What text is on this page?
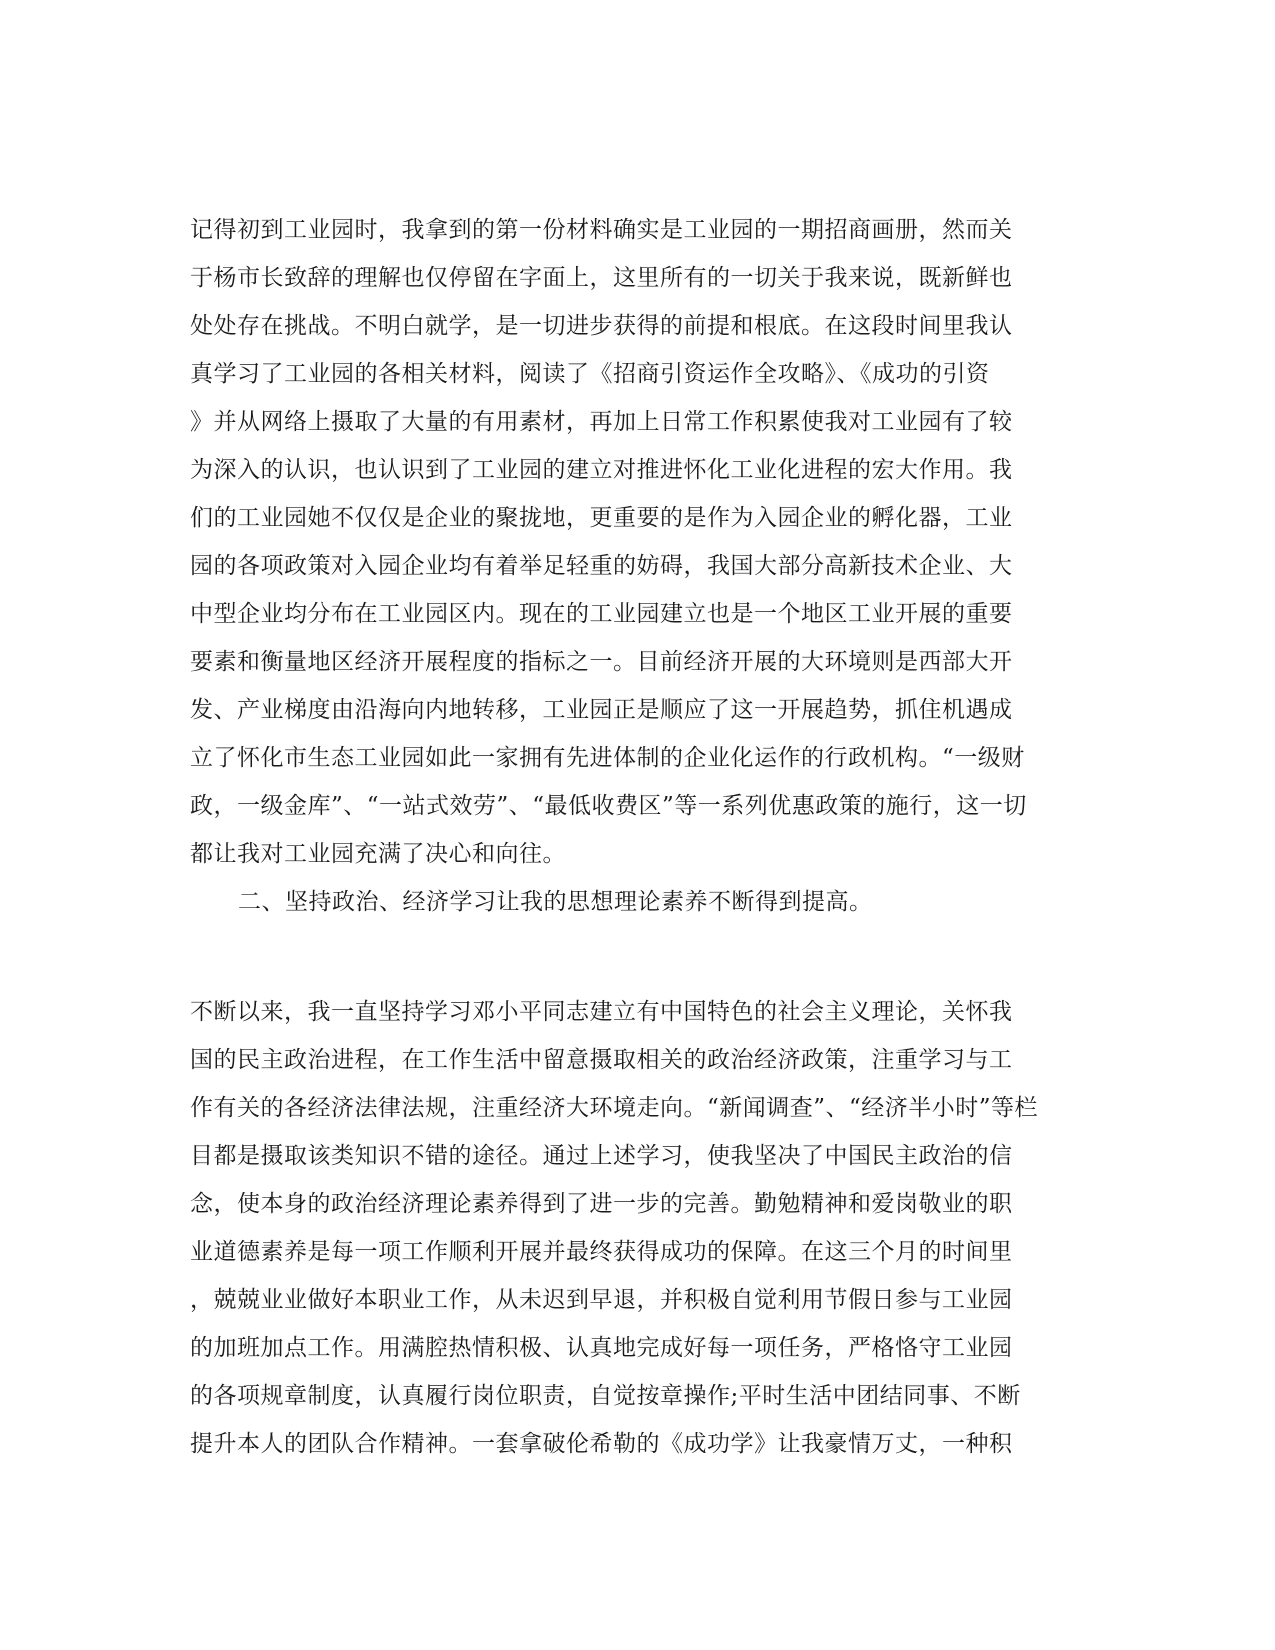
记得初到工业园时，我拿到的第一份材料确实是工业园的一期招商画册，然而关
于杨市长致辞的理解也仅停留在字面上，这里所有的一切关于我来说，既新鲜也
处处存在挑战。不明白就学，是一切进步获得的前提和根底。在这段时间里我认
真学习了工业园的各相关材料，阅读了《招商引资运作全攻略》、《成功的引资
》并从网络上摄取了大量的有用素材，再加上日常工作积累使我对工业园有了较
为深入的认识，也认识到了工业园的建立对推进怀化工业化进程的宏大作用。我
们的工业园她不仅仅是企业的聚拢地，更重要的是作为入园企业的孵化器，工业
园的各项政策对入园企业均有着举足轻重的妨碍，我国大部分高新技术企业、大
中型企业均分布在工业园区内。现在的工业园建立也是一个地区工业开展的重要
要素和衡量地区经济开展程度的指标之一。目前经济开展的大环境则是西部大开
发、产业梯度由沿海向内地转移，工业园正是顺应了这一开展趋势，抓住机遇成
立了怀化市生态工业园如此一家拥有先进体制的企业化运作的行政机构。“一级财
政，一级金库”、“一站式效劳”、“最低收费区”等一系列优惠政策的施行，这一切
都让我对工业园充满了决心和向往。
二、坚持政治、经济学习让我的思想理论素养不断得到提高。
不断以来，我一直坚持学习邓小平同志建立有中国特色的社会主义理论，关怀我
国的民主政治进程，在工作生活中留意摄取相关的政治经济政策，注重学习与工
作有关的各经济法律法规，注重经济大环境走向。“新闻调查”、“经济半小时”等栏
目都是摄取该类知识不错的途径。通过上述学习，使我坚决了中国民主政治的信
念，使本身的政治经济理论素养得到了进一步的完善。勤勉精神和爱岗敬业的职
业道德素养是每一项工作顺利开展并最终获得成功的保障。在这三个月的时间里
，兢兢业业做好本职业工作，从未迟到早退，并积极自觉利用节假日参与工业园
的加班加点工作。用满腔热情积极、认真地完成好每一项任务，严格恪守工业园
的各项规章制度，认真履行岗位职责，自觉按章操作;平时生活中团结同事、不断
提升本人的团队合作精神。一套拿破伦希勒的《成功学》让我豪情万丈，一种积
